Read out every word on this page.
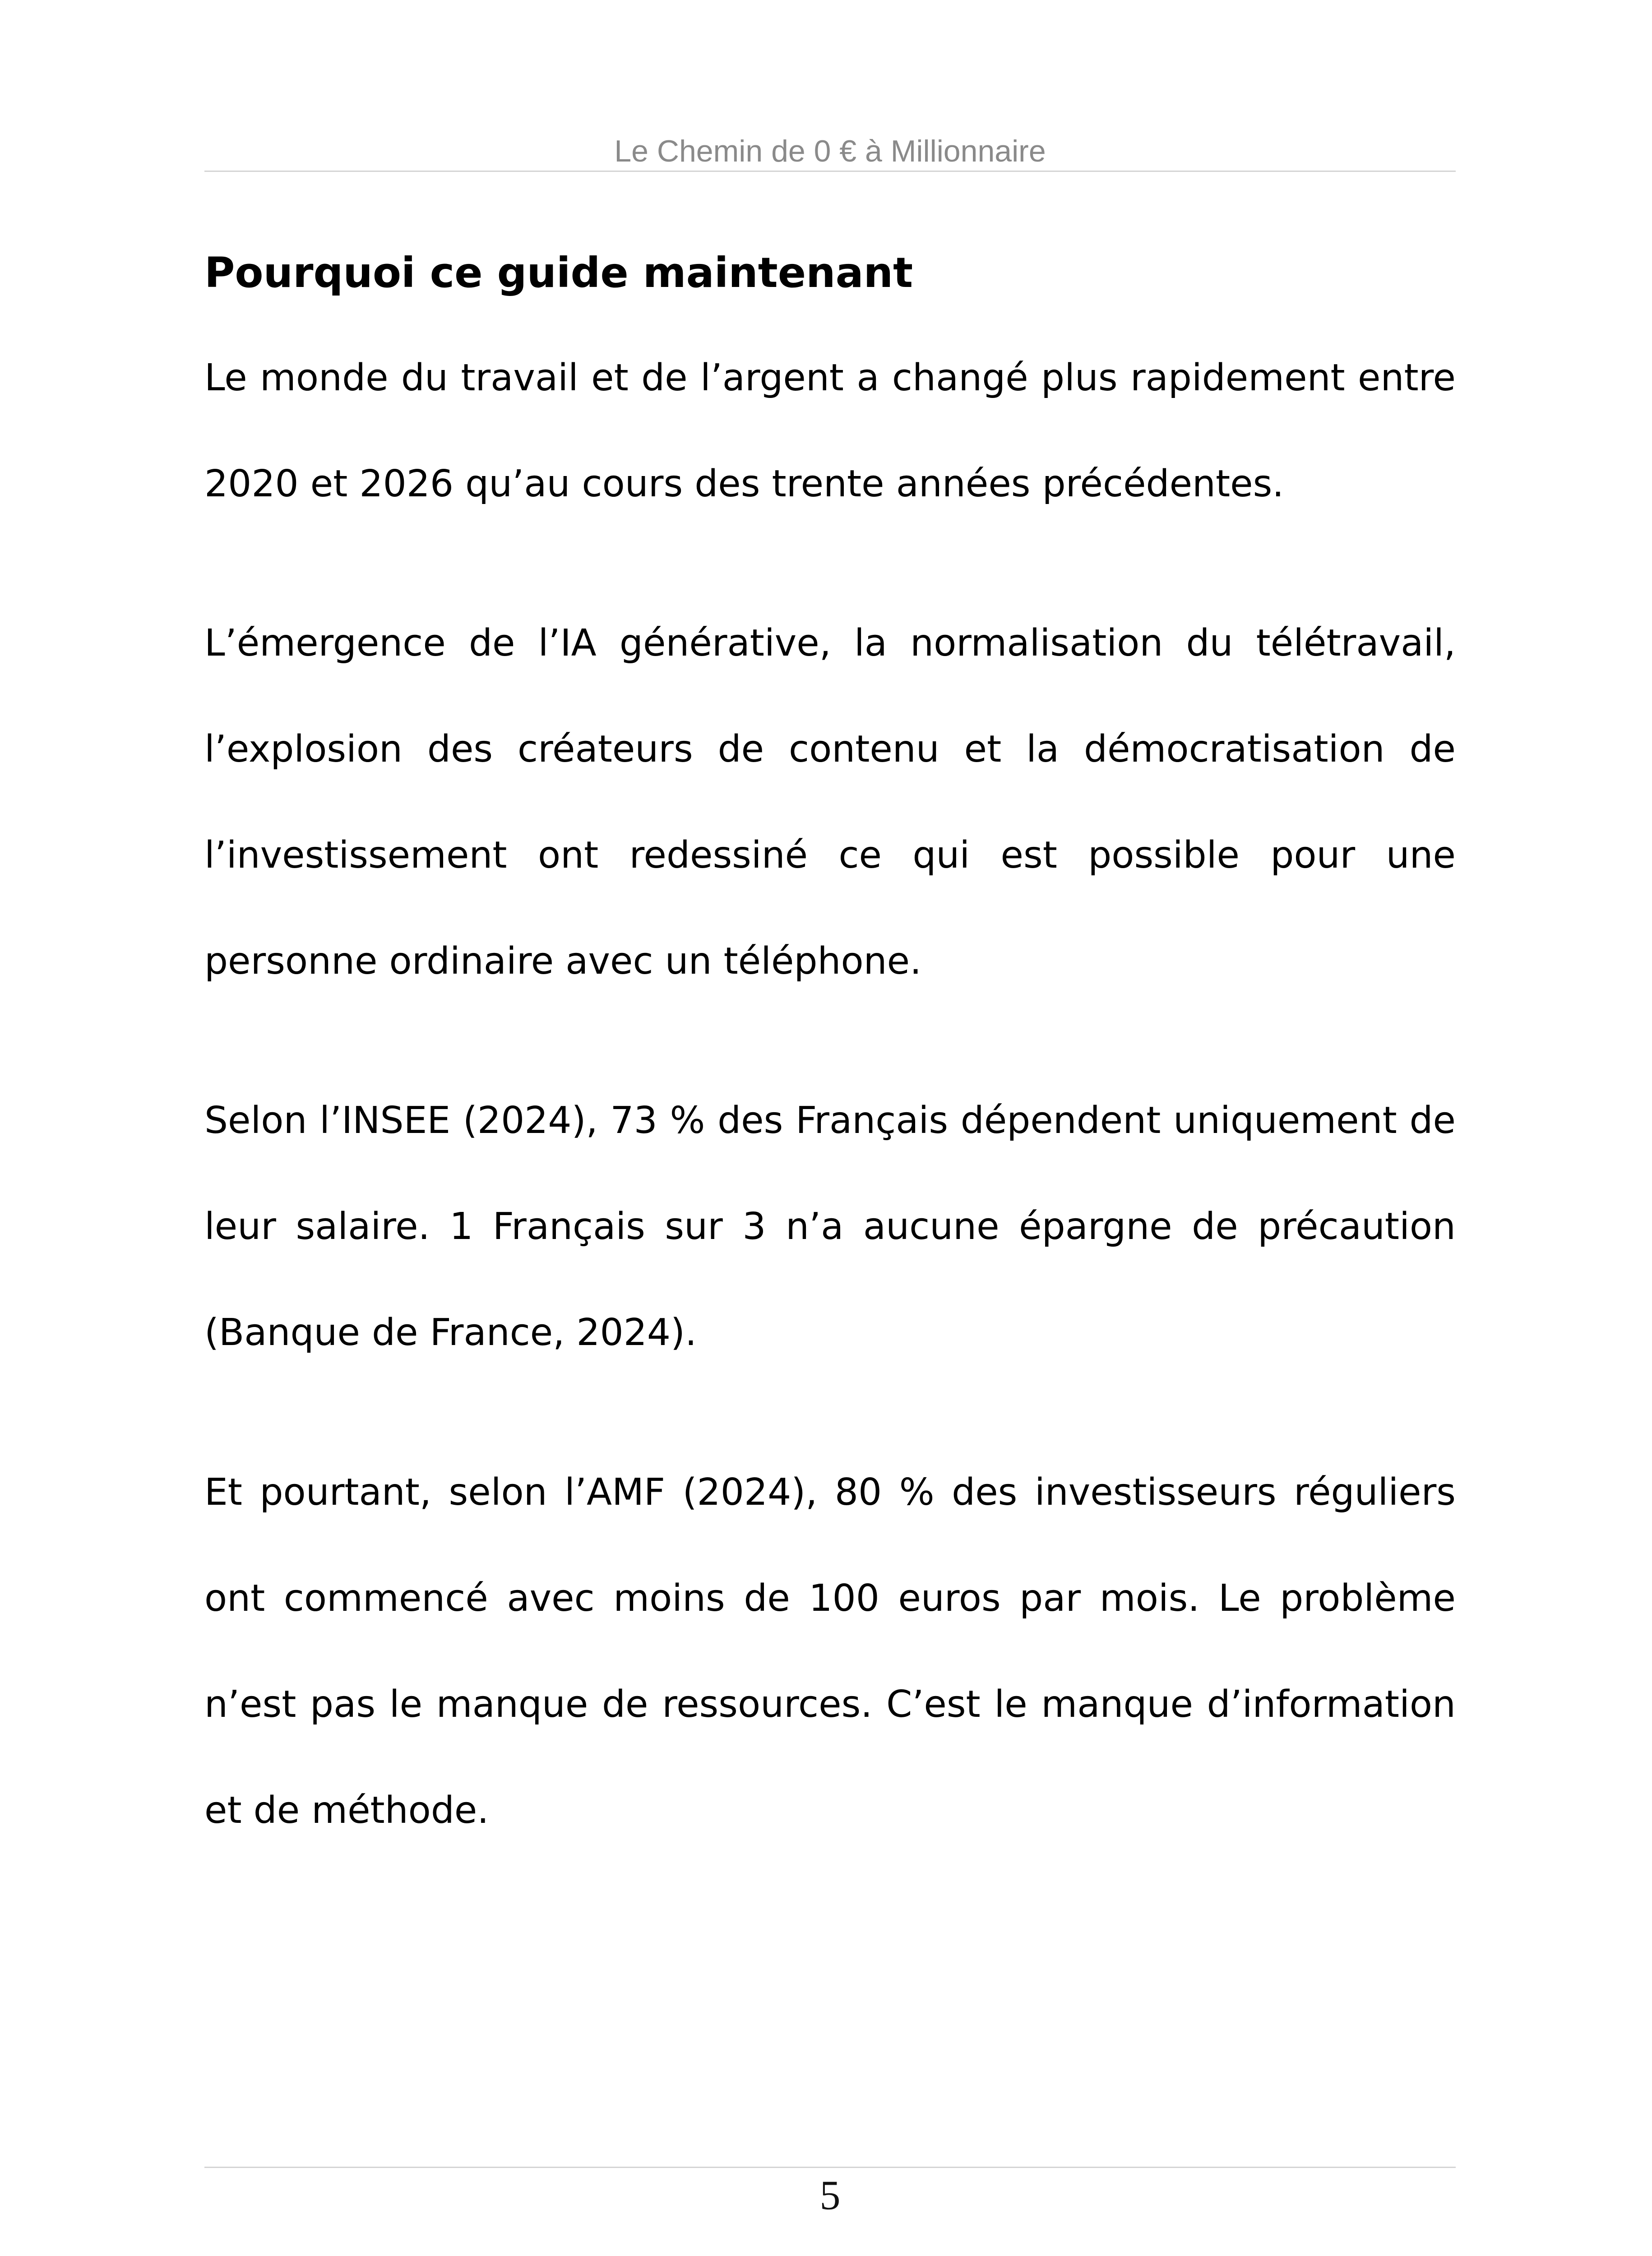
Le Chemin de 0 € à Millionnaire
Pourquoi ce guide maintenant

Le monde du travail et de l’argent a changé plus rapidement entre 2020 et 2026 qu’au cours des trente années précédentes.

L’émergence de l’IA générative, la normalisation du télétravail, l’explosion des créateurs de contenu et la démocratisation de l’investissement ont redessiné ce qui est possible pour une personne ordinaire avec un téléphone.

Selon l’INSEE (2024), 73 % des Français dépendent uniquement de leur salaire. 1 Français sur 3 n’a aucune épargne de précaution (Banque de France, 2024).

Et pourtant, selon l’AMF (2024), 80 % des investisseurs réguliers ont commencé avec moins de 100 euros par mois. Le problème n’est pas le manque de ressources. C’est le manque d’information et de méthode.

5
